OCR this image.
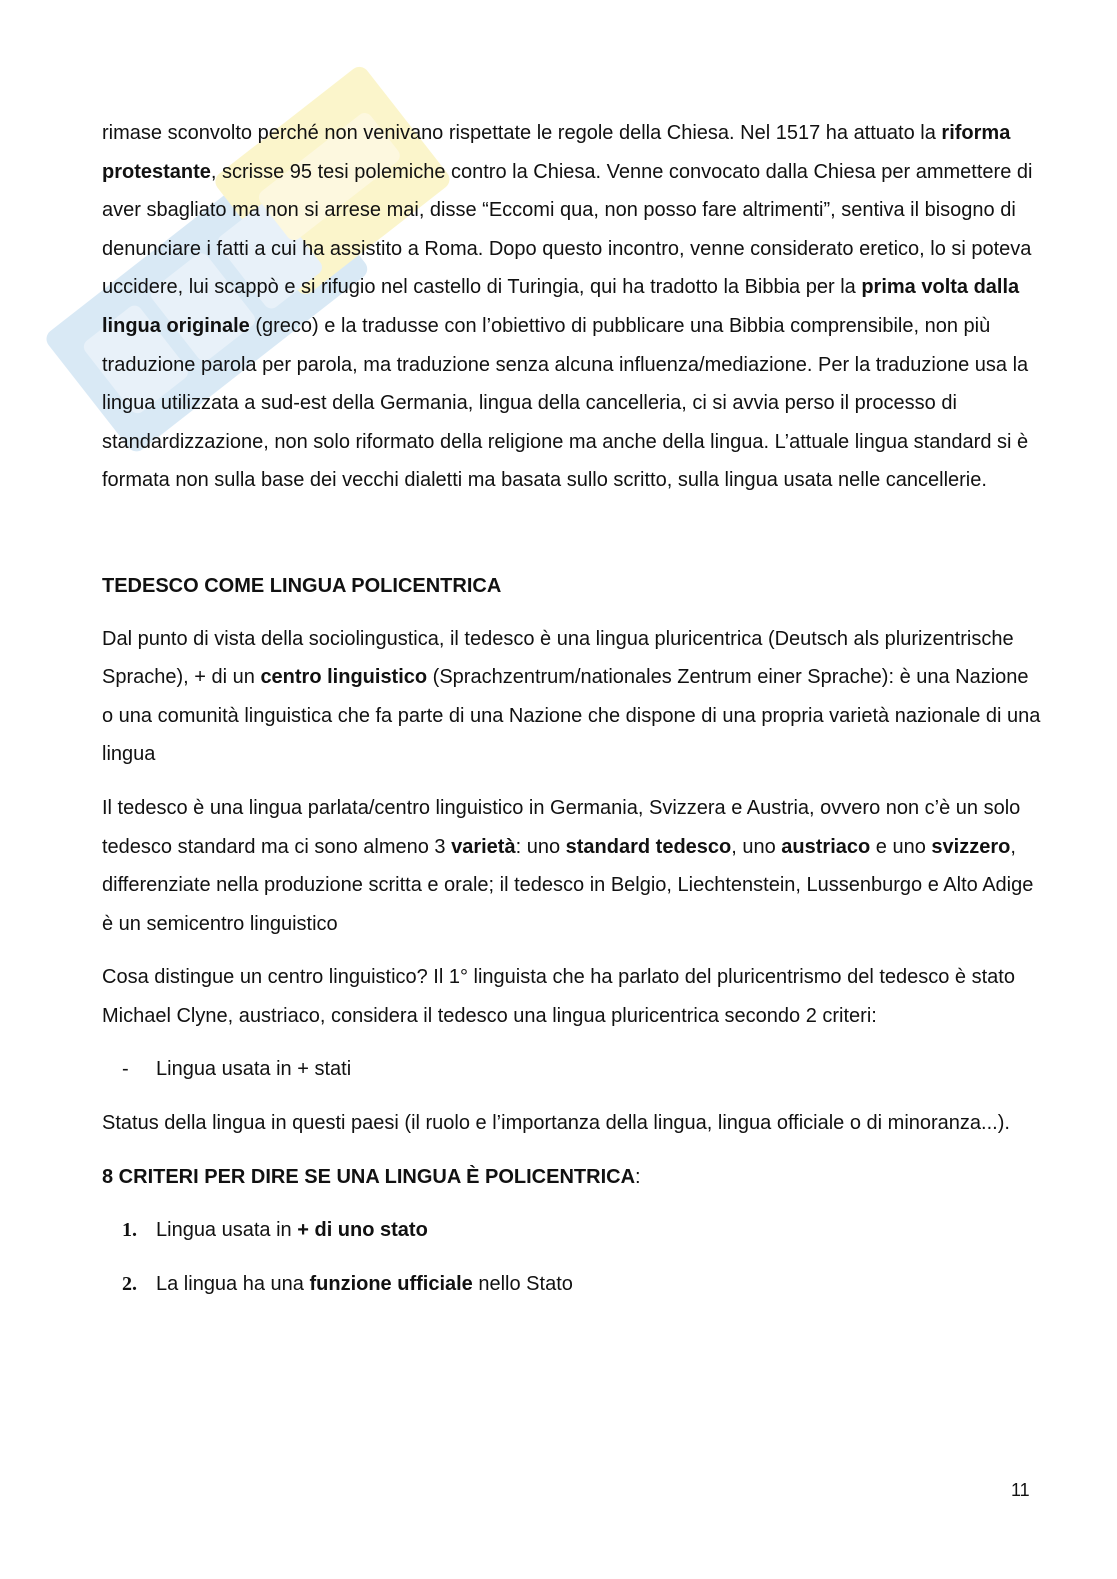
rimase sconvolto perché non venivano rispettate le regole della Chiesa. Nel 1517 ha attuato la riforma protestante, scrisse 95 tesi polemiche contro la Chiesa. Venne convocato dalla Chiesa per ammettere di aver sbagliato ma non si arrese mai, disse “Eccomi qua, non posso fare altrimenti”, sentiva il bisogno di denunciare i fatti a cui ha assistito a Roma. Dopo questo incontro, venne considerato eretico, lo si poteva uccidere, lui scappò e si rifugio nel castello di Turingia, qui ha tradotto la Bibbia per la prima volta dalla lingua originale (greco) e la tradusse con l’obiettivo di pubblicare una Bibbia comprensibile, non più traduzione parola per parola, ma traduzione senza alcuna influenza/mediazione. Per la traduzione usa la lingua utilizzata a sud-est della Germania, lingua della cancelleria, ci si avvia perso il processo di standardizzazione, non solo riformato della religione ma anche della lingua. L’attuale lingua standard si è formata non sulla base dei vecchi dialetti ma basata sullo scritto, sulla lingua usata nelle cancellerie.

TEDESCO COME LINGUA POLICENTRICA

Dal punto di vista della sociolingustica, il tedesco è una lingua pluricentrica (Deutsch als plurizentrische Sprache), + di un centro linguistico (Sprachzentrum/nationales Zentrum einer Sprache): è una Nazione o una comunità linguistica che fa parte di una Nazione che dispone di una propria varietà nazionale di una lingua

Il tedesco è una lingua parlata/centro linguistico in Germania, Svizzera e Austria, ovvero non c’è un solo tedesco standard ma ci sono almeno 3 varietà: uno standard tedesco, uno austriaco e uno svizzero, differenziate nella produzione scritta e orale; il tedesco in Belgio, Liechtenstein, Lussenburgo e Alto Adige è un semicentro linguistico

Cosa distingue un centro linguistico? Il 1° linguista che ha parlato del pluricentrismo del tedesco è stato Michael Clyne, austriaco, considera il tedesco una lingua pluricentrica secondo 2 criteri:

-	Lingua usata in + stati

Status della lingua in questi paesi (il ruolo e l’importanza della lingua, lingua officiale o di minoranza...).

8 CRITERI PER DIRE SE UNA LINGUA È POLICENTRICA:
1. Lingua usata in + di uno stato
2. La lingua ha una funzione ufficiale nello Stato
11
